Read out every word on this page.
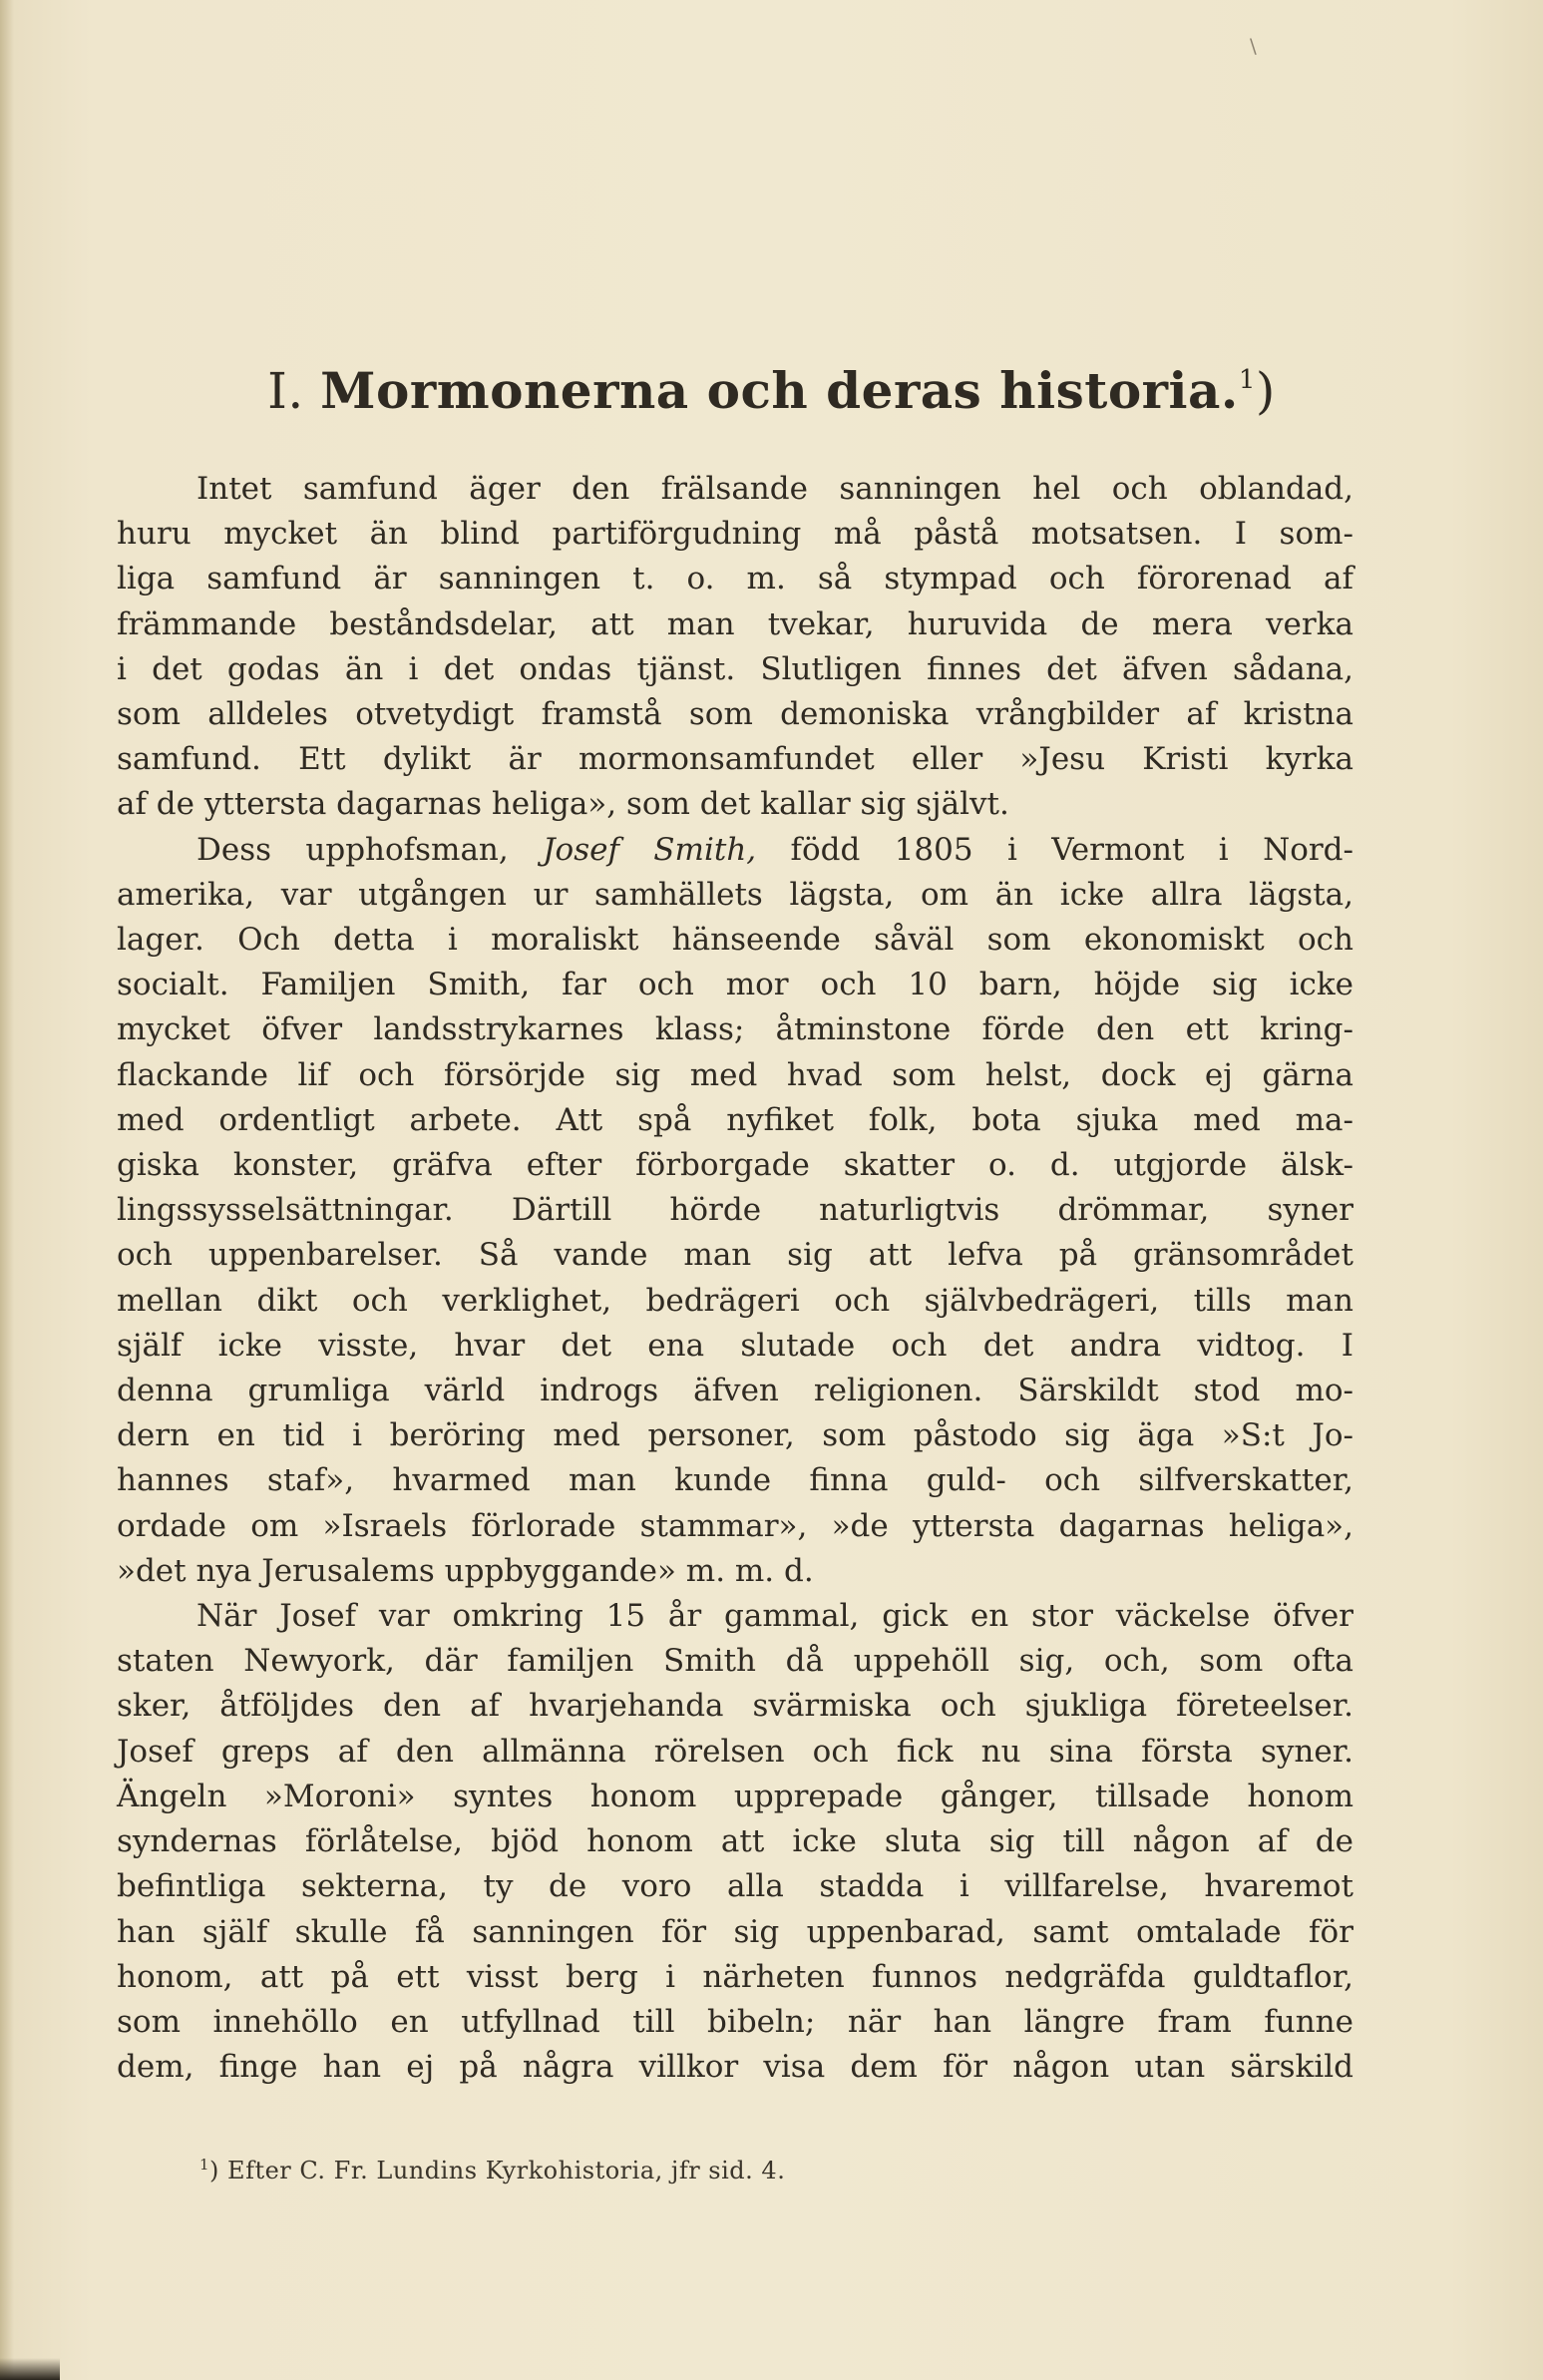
\
I. Mormonerna och deras historia.$^1$)
Intet samfund äger den frälsande sanningen hel och oblandad,
huru mycket än blind partiförgudning må påstå motsatsen. I som-
liga samfund är sanningen t. o. m. så stympad och förorenad af
främmande beståndsdelar, att man tvekar, huruvida de mera verka
i det godas än i det ondas tjänst. Slutligen finnes det äfven sådana,
som alldeles otvetydigt framstå som demoniska vrångbilder af kristna
samfund. Ett dylikt är mormonsamfundet eller »Jesu Kristi kyrka
af de yttersta dagarnas heliga», som det kallar sig självt.
Dess upphofsman, Josef Smith, född 1805 i Vermont i Nord-
amerika, var utgången ur samhällets lägsta, om än icke allra lägsta,
lager. Och detta i moraliskt hänseende såväl som ekonomiskt och
socialt. Familjen Smith, far och mor och 10 barn, höjde sig icke
mycket öfver landsstrykarnes klass; åtminstone förde den ett kring-
flackande lif och försörjde sig med hvad som helst, dock ej gärna
med ordentligt arbete. Att spå nyfiket folk, bota sjuka med ma-
giska konster, gräfva efter förborgade skatter o. d. utgjorde älsk-
lingssysselsättningar. Därtill hörde naturligtvis drömmar, syner
och uppenbarelser. Så vande man sig att lefva på gränsområdet
mellan dikt och verklighet, bedrägeri och självbedrägeri, tills man
själf icke visste, hvar det ena slutade och det andra vidtog. I
denna grumliga värld indrogs äfven religionen. Särskildt stod mo-
dern en tid i beröring med personer, som påstodo sig äga »S:t Jo-
hannes staf», hvarmed man kunde finna guld- och silfverskatter,
ordade om »Israels förlorade stammar», »de yttersta dagarnas heliga»,
»det nya Jerusalems uppbyggande» m. m. d.
När Josef var omkring 15 år gammal, gick en stor väckelse öfver
staten Newyork, där familjen Smith då uppehöll sig, och, som ofta
sker, åtföljdes den af hvarjehanda svärmiska och sjukliga företeelser.
Josef greps af den allmänna rörelsen och fick nu sina första syner.
Ängeln »Moroni» syntes honom upprepade gånger, tillsade honom
syndernas förlåtelse, bjöd honom att icke sluta sig till någon af de
befintliga sekterna, ty de voro alla stadda i villfarelse, hvaremot
han själf skulle få sanningen för sig uppenbarad, samt omtalade för
honom, att på ett visst berg i närheten funnos nedgräfda guldtaflor,
som innehöllo en utfyllnad till bibeln; när han längre fram funne
dem, finge han ej på några villkor visa dem för någon utan särskild
$^1$) Efter C. Fr. Lundins Kyrkohistoria, jfr sid. 4.
